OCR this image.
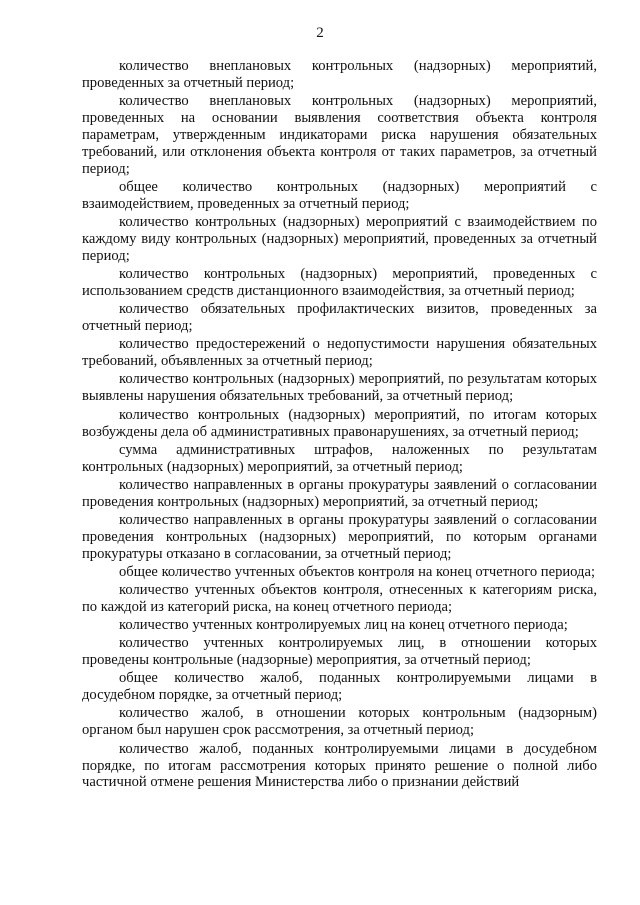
2

количество внеплановых контрольных (надзорных) мероприятий, проведенных за отчетный период;

количество внеплановых контрольных (надзорных) мероприятий, проведенных на основании выявления соответствия объекта контроля параметрам, утвержденным индикаторами риска нарушения обязательных требований, или отклонения объекта контроля от таких параметров, за отчетный период;

общее количество контрольных (надзорных) мероприятий с взаимодействием, проведенных за отчетный период;

количество контрольных (надзорных) мероприятий с взаимодействием по каждому виду контрольных (надзорных) мероприятий, проведенных за отчетный период;

количество контрольных (надзорных) мероприятий, проведенных с использованием средств дистанционного взаимодействия, за отчетный период;

количество обязательных профилактических визитов, проведенных за отчетный период;

количество предостережений о недопустимости нарушения обязательных требований, объявленных за отчетный период;

количество контрольных (надзорных) мероприятий, по результатам которых выявлены нарушения обязательных требований, за отчетный период;

количество контрольных (надзорных) мероприятий, по итогам которых возбуждены дела об административных правонарушениях, за отчетный период;

сумма административных штрафов, наложенных по результатам контрольных (надзорных) мероприятий, за отчетный период;

количество направленных в органы прокуратуры заявлений о согласовании проведения контрольных (надзорных) мероприятий, за отчетный период;

количество направленных в органы прокуратуры заявлений о согласовании проведения контрольных (надзорных) мероприятий, по которым органами прокуратуры отказано в согласовании, за отчетный период;

общее количество учтенных объектов контроля на конец отчетного периода;

количество учтенных объектов контроля, отнесенных к категориям риска, по каждой из категорий риска, на конец отчетного периода;

количество учтенных контролируемых лиц на конец отчетного периода;

количество учтенных контролируемых лиц, в отношении которых проведены контрольные (надзорные) мероприятия, за отчетный период;

общее количество жалоб, поданных контролируемыми лицами в досудебном порядке, за отчетный период;

количество жалоб, в отношении которых контрольным (надзорным) органом был нарушен срок рассмотрения, за отчетный период;

количество жалоб, поданных контролируемыми лицами в досудебном порядке, по итогам рассмотрения которых принято решение о полной либо частичной отмене решения Министерства либо о признании действий
